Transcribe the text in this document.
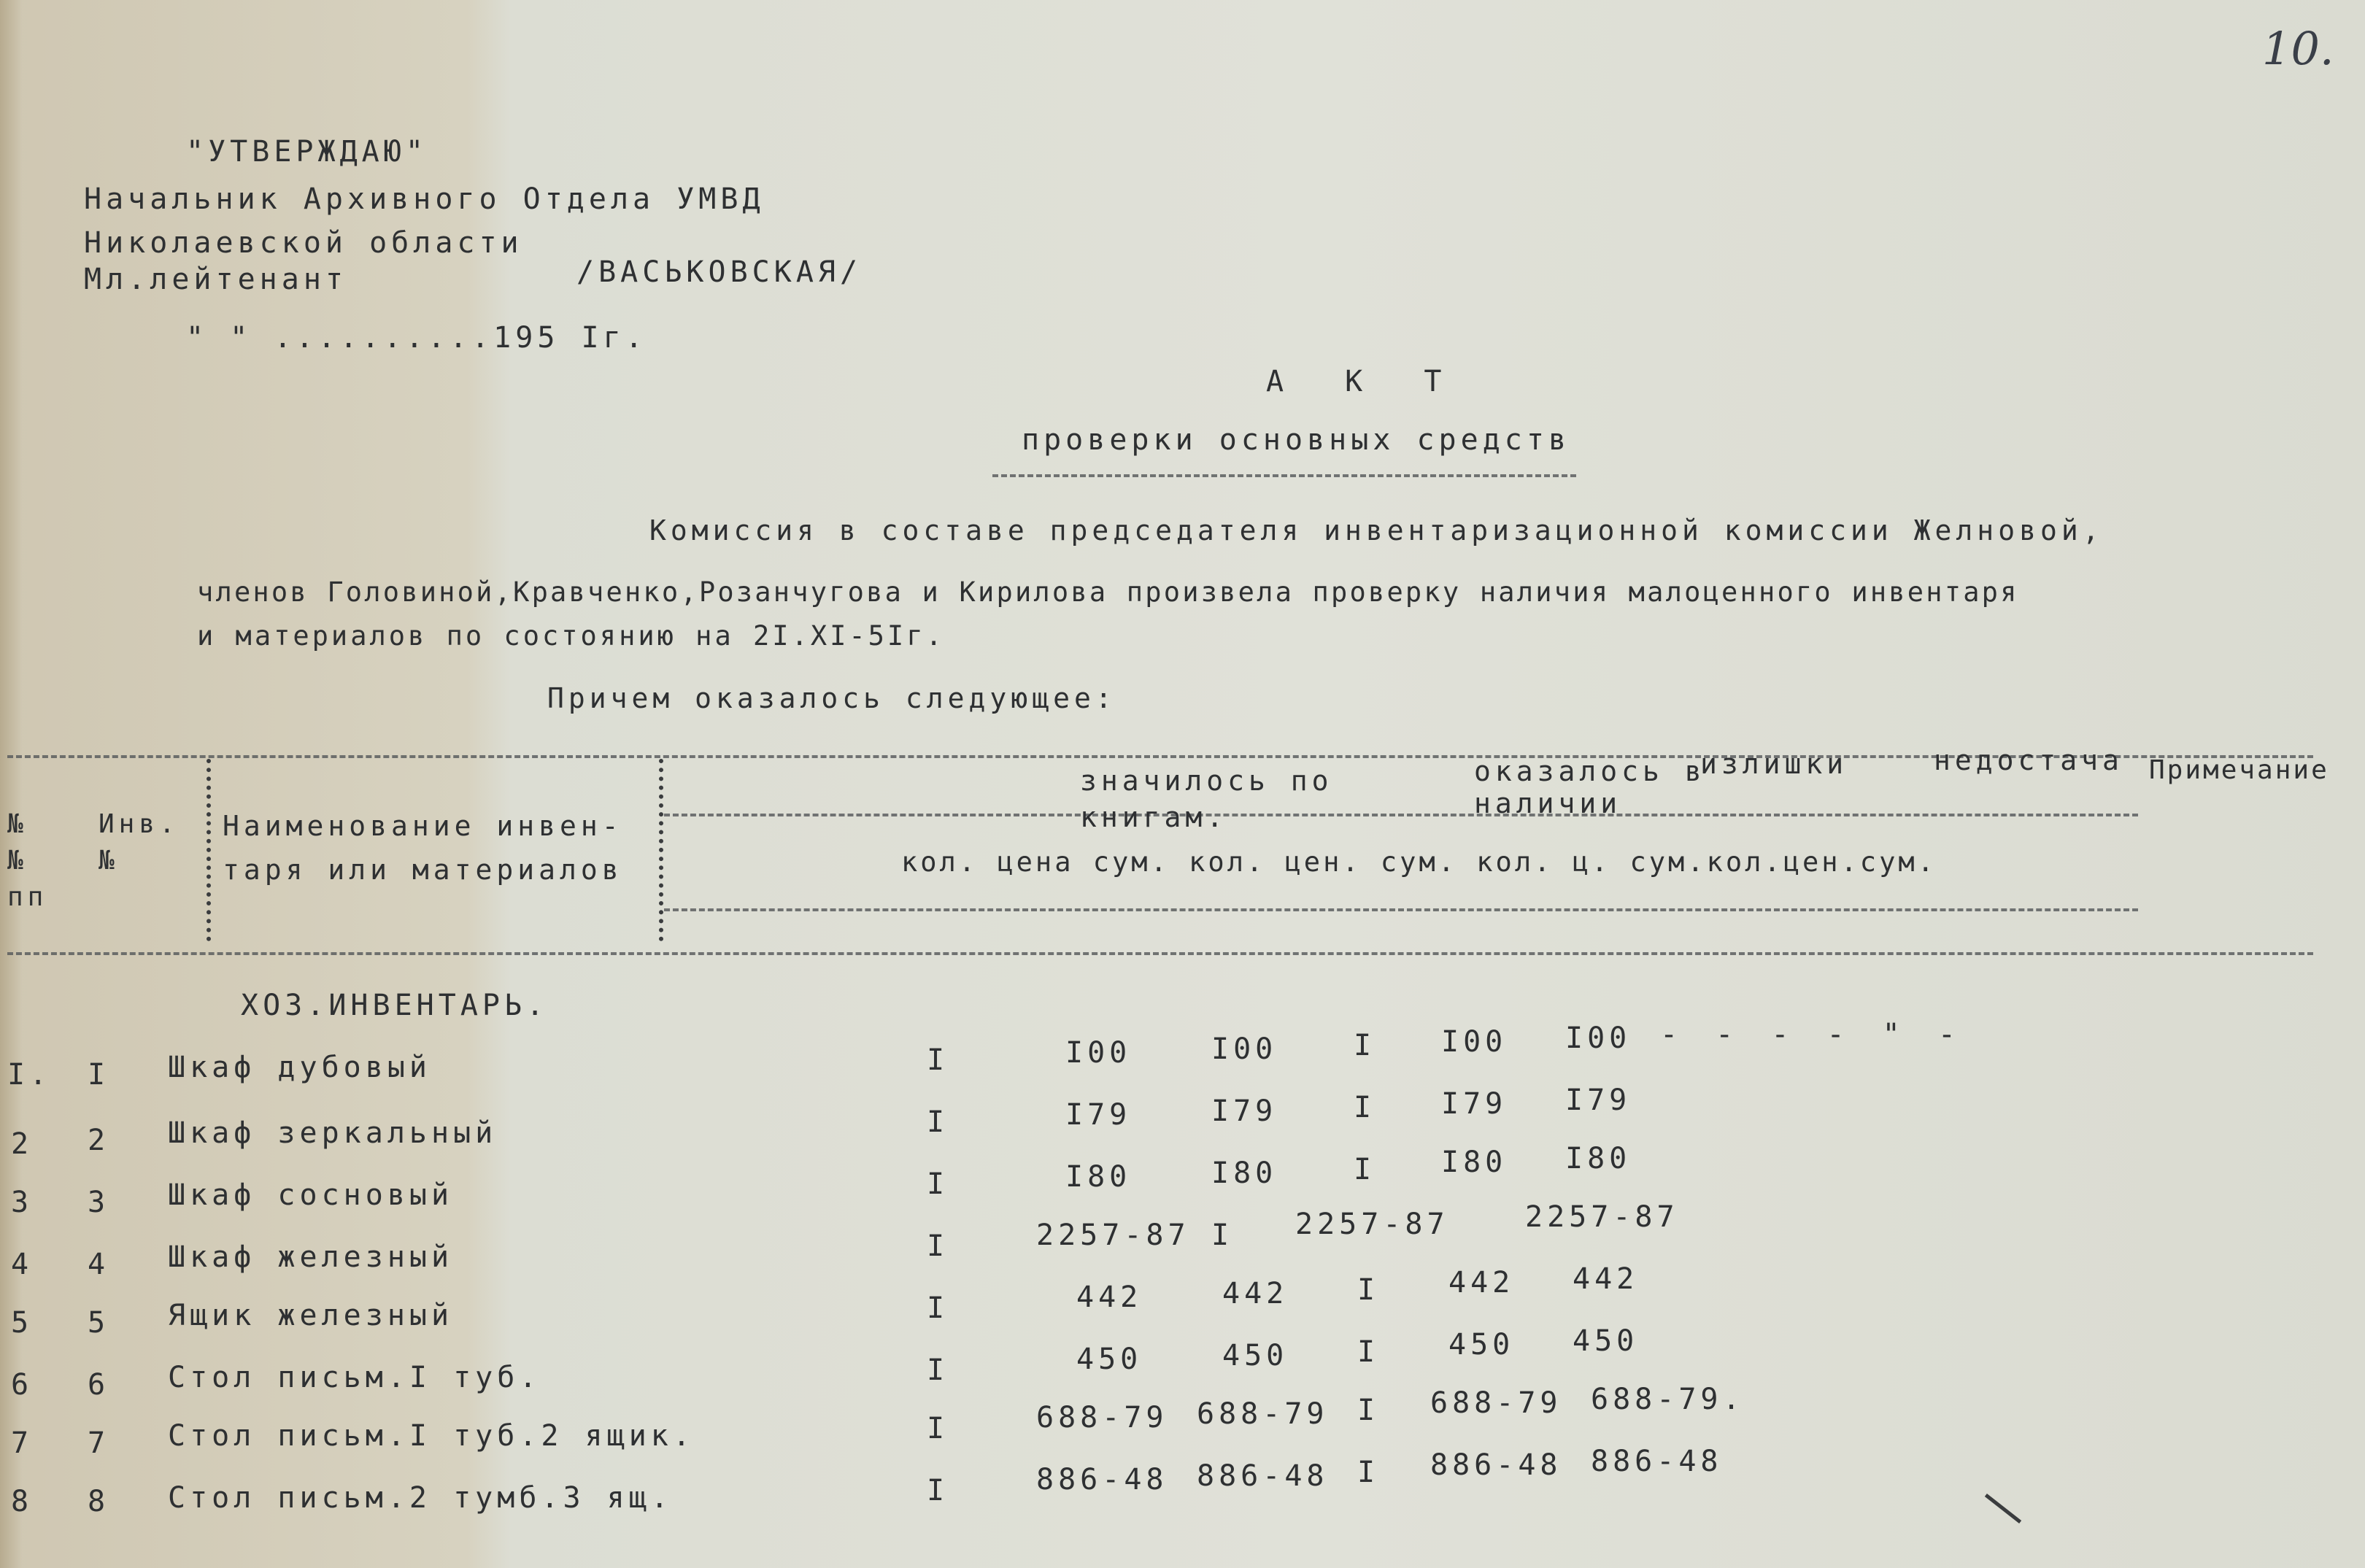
10.
"УТВЕРЖДАЮ"
Начальник Архивного Отдела УМВД
Николаевской области
Мл.лейтенант	/ВАСЬКОВСКАЯ/
" " ..........195 Iг.
А К Т
проверки основных средств
Комиссия в составе председателя инвентаризационной комиссии Желновой,
членов Головиной,Кравченко,Розанчугова и Кирилова произвела проверку наличия малоценного инвентаря
и материалов по состоянию на 2I.XI-5Iг.
Причем оказалось следующее:
№№ пп
Инв. №
Наименование инвен-
таря или материалов
значилось по книгам.
оказалось в наличии
излишки	недостача Примечание
кол. цена сум. кол. цен. сум. кол. ц. сум.кол.цен.сум.
ХОЗ.ИНВЕНТАРЬ.
I. I Шкаф дубовый	I	I00	I00	I I00 I00 - - - - " -
2 2 Шкаф зеркальный	I	I79	I79	I I79 I79
3 3 Шкаф сосновый	I	I80	I80	I I80 I80
4 4 Шкаф железный	I	2257-87 I 2257-87	2257-87
5 5 Ящик железный	I	442	442 I 442 442
6 6 Стол письм.I туб.	I	450	450 I 450 450
7 7 Стол письм.I туб.2 ящик.	I	688-79 688-79 I 688-79 688-79.
8 8 Стол письм.2 тумб.3 ящ.	I	886-48 886-48 I 886-48 886-48
